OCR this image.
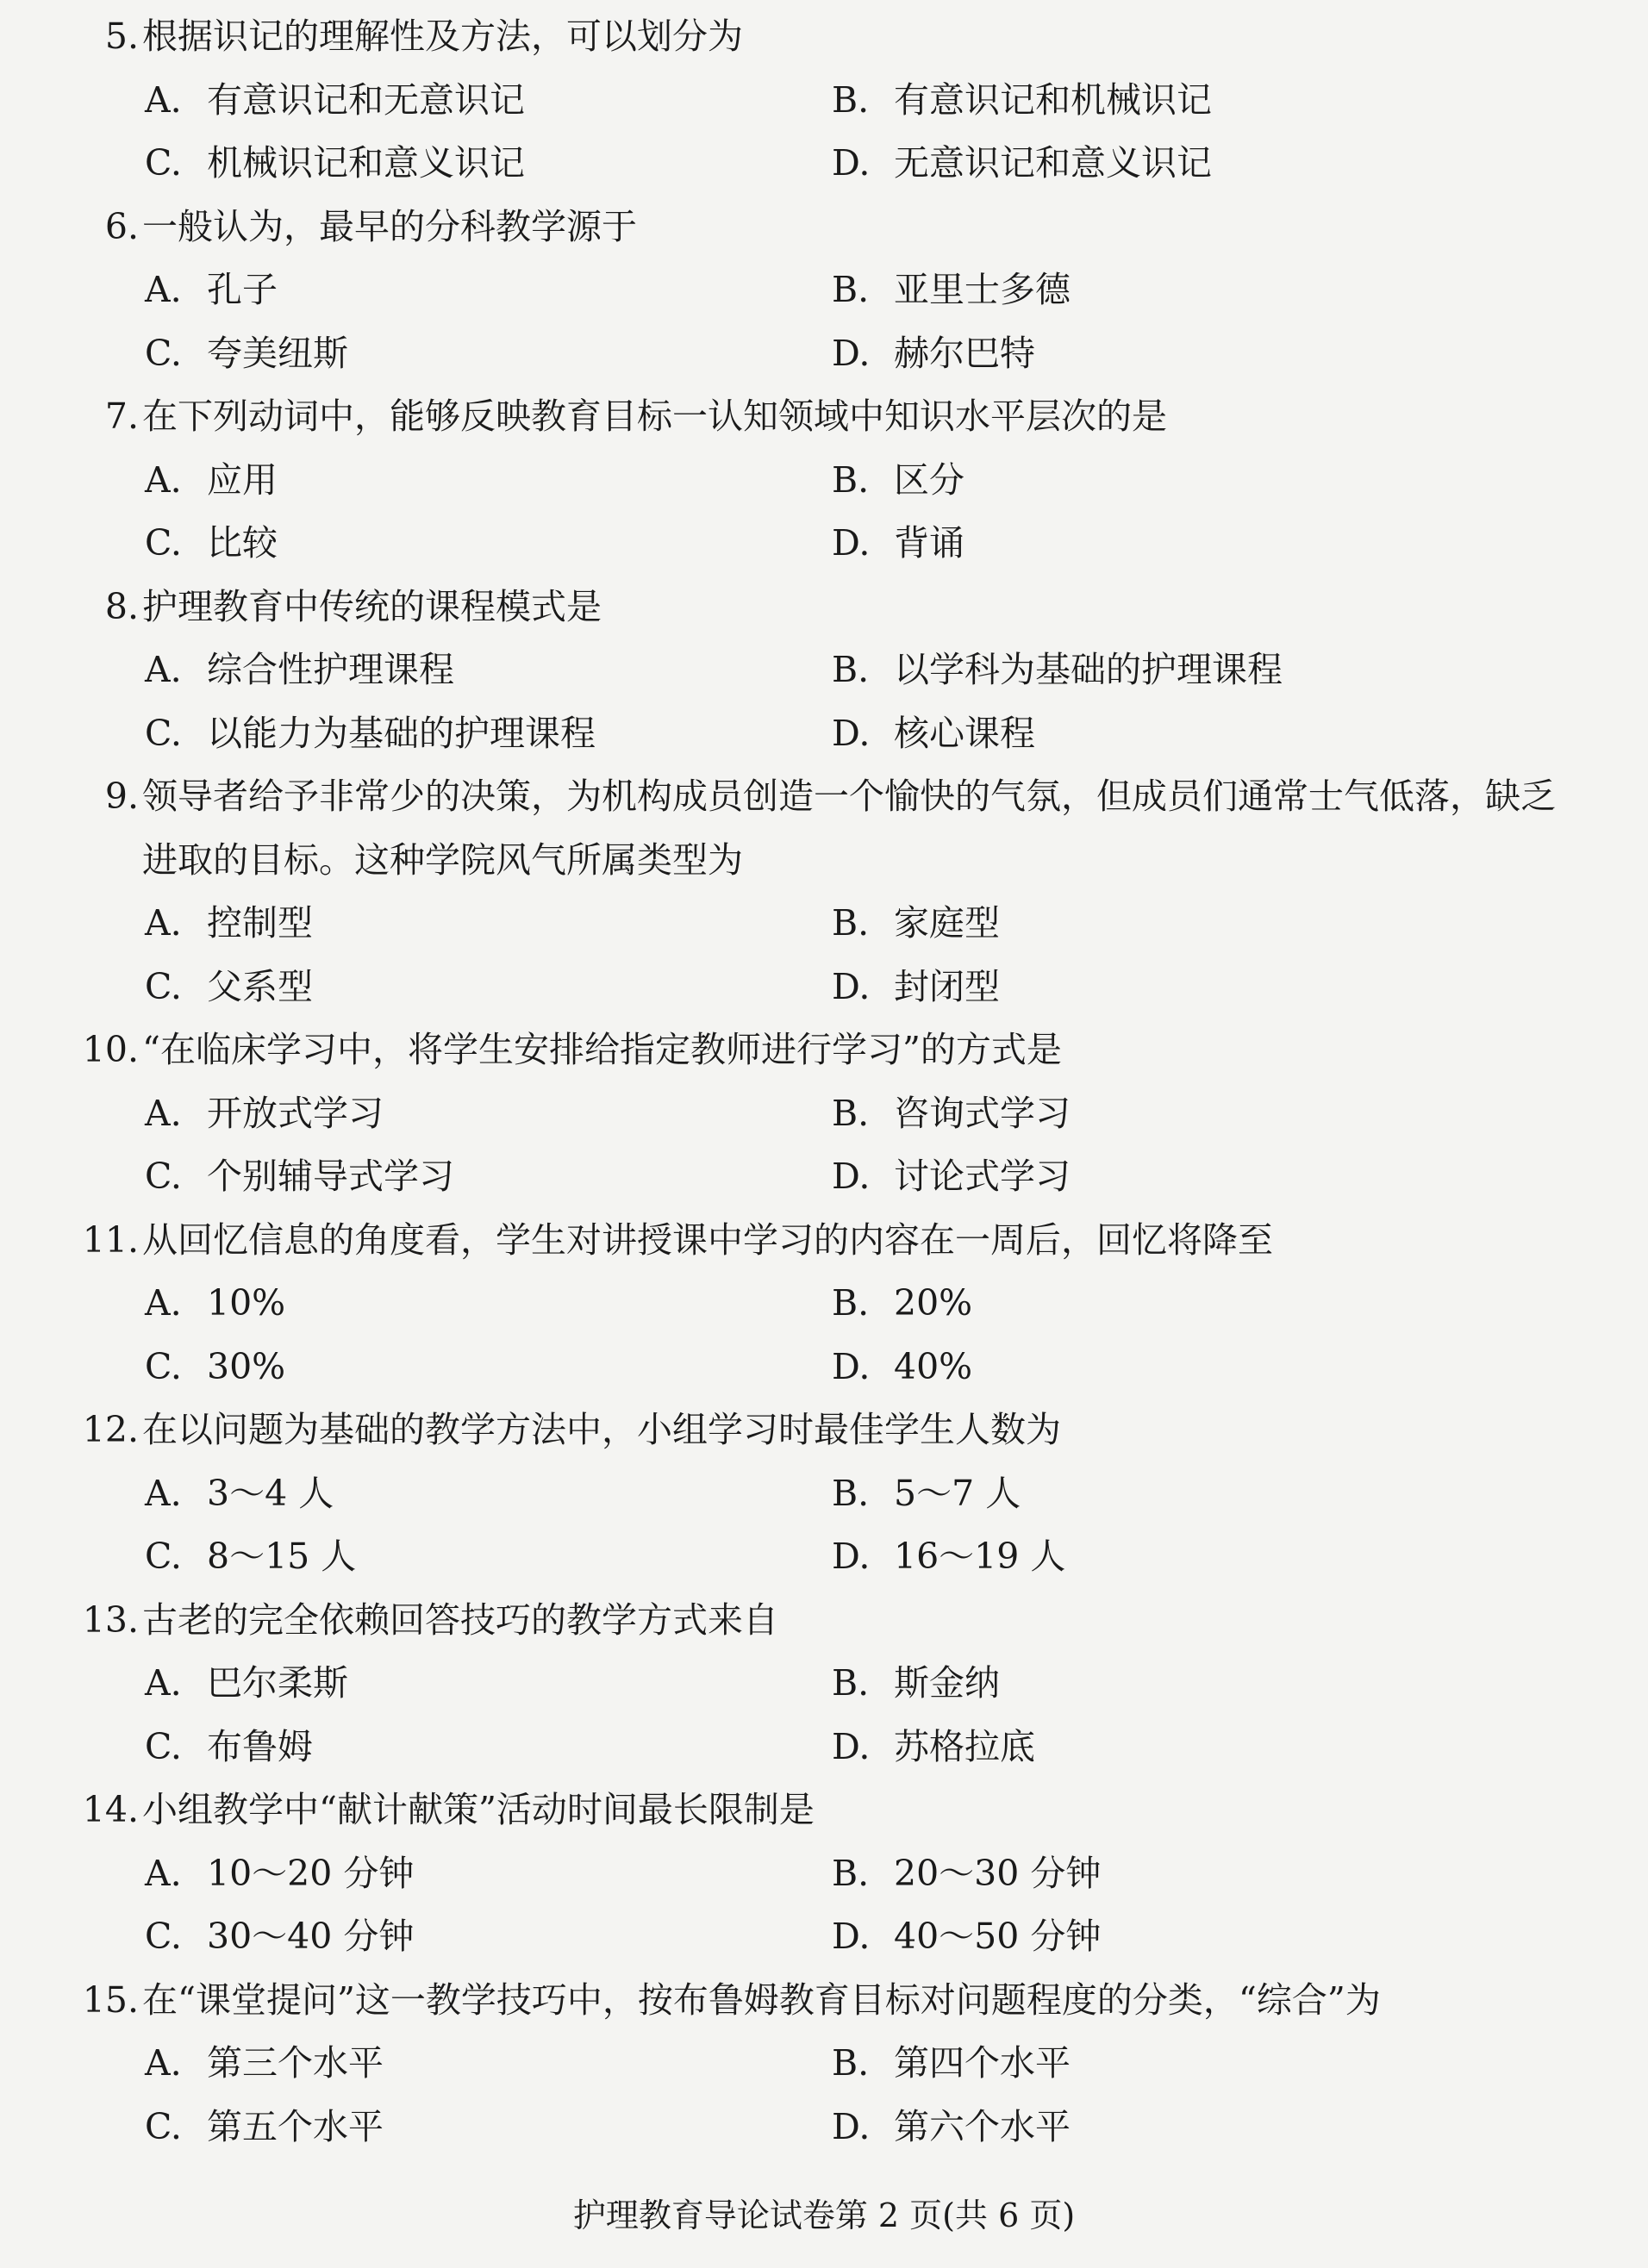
5. 根据识记的理解性及方法，可以划分为
A. 有意识记和无意识记	B. 有意识记和机械识记
C. 机械识记和意义识记	D. 无意识记和意义识记
6. 一般认为，最早的分科教学源于
A. 孔子	B. 亚里士多德
C. 夸美纽斯	D. 赫尔巴特
7. 在下列动词中，能够反映教育目标一认知领域中知识水平层次的是
A. 应用	B. 区分
C. 比较	D. 背诵
8. 护理教育中传统的课程模式是
A. 综合性护理课程	B. 以学科为基础的护理课程
C. 以能力为基础的护理课程	D. 核心课程
9. 领导者给予非常少的决策，为机构成员创造一个愉快的气氛，但成员们通常士气低落，缺乏进取的目标。这种学院风气所属类型为
A. 控制型	B. 家庭型
C. 父系型	D. 封闭型
10. “在临床学习中，将学生安排给指定教师进行学习”的方式是
A. 开放式学习	B. 咨询式学习
C. 个别辅导式学习	D. 讨论式学习
11. 从回忆信息的角度看，学生对讲授课中学习的内容在一周后，回忆将降至
A. 10%	B. 20%
C. 30%	D. 40%
12. 在以问题为基础的教学方法中，小组学习时最佳学生人数为
A. 3～4 人	B. 5～7 人
C. 8～15 人	D. 16～19 人
13. 古老的完全依赖回答技巧的教学方式来自
A. 巴尔柔斯	B. 斯金纳
C. 布鲁姆	D. 苏格拉底
14. 小组教学中“献计献策”活动时间最长限制是
A. 10～20 分钟	B. 20～30 分钟
C. 30～40 分钟	D. 40～50 分钟
15. 在“课堂提问”这一教学技巧中，按布鲁姆教育目标对问题程度的分类，“综合”为
A. 第三个水平	B. 第四个水平
C. 第五个水平	D. 第六个水平
护理教育导论试卷第 2 页(共 6 页)
